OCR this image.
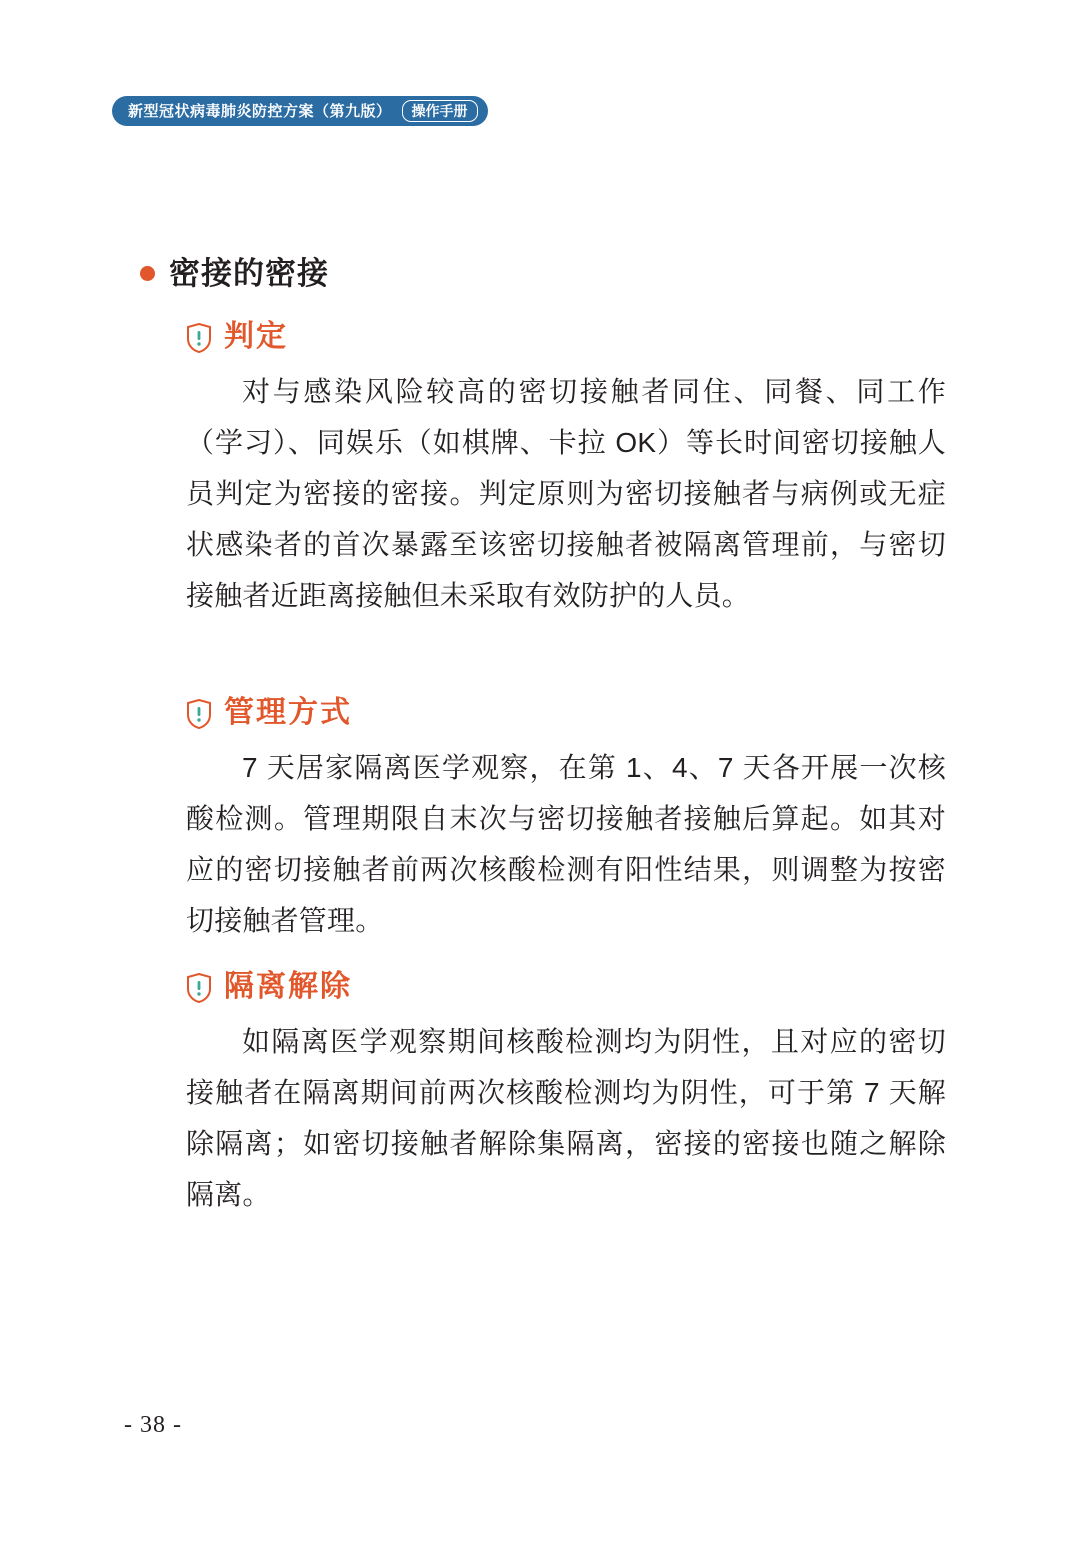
新型冠状病毒肺炎防控方案（第九版）	操作手册
密接的密接
判定

对与感染风险较高的密切接触者同住、同餐、同工作（学习）、同娱乐（如棋牌、卡拉 OK）等长时间密切接触人员判定为密接的密接。判定原则为密切接触者与病例或无症状感染者的首次暴露至该密切接触者被隔离管理前，与密切接触者近距离接触但未采取有效防护的人员。

管理方式

7 天居家隔离医学观察，在第 1、4、7 天各开展一次核酸检测。管理期限自末次与密切接触者接触后算起。如其对应的密切接触者前两次核酸检测有阳性结果，则调整为按密切接触者管理。

隔离解除

如隔离医学观察期间核酸检测均为阴性，且对应的密切接触者在隔离期间前两次核酸检测均为阴性，可于第 7 天解除隔离；如密切接触者解除集隔离，密接的密接也随之解除隔离。

- 38 -
